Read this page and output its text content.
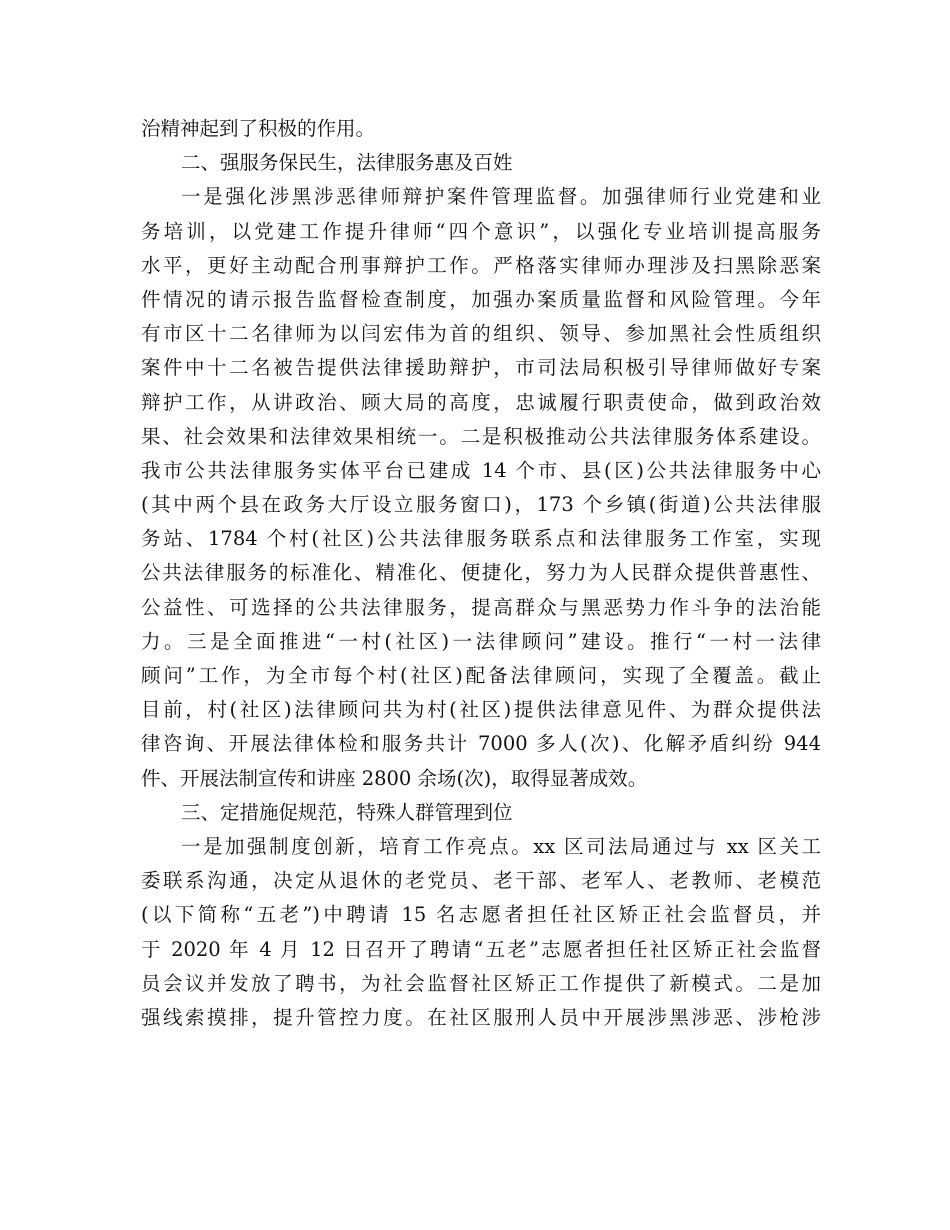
治精神起到了积极的作用。
二、强服务保民生，法律服务惠及百姓
一是强化涉黑涉恶律师辩护案件管理监督。加强律师行业党建和业
务培训，以党建工作提升律师“四个意识”，以强化专业培训提高服务
水平，更好主动配合刑事辩护工作。严格落实律师办理涉及扫黑除恶案
件情况的请示报告监督检查制度，加强办案质量监督和风险管理。今年
有市区十二名律师为以闫宏伟为首的组织、领导、参加黑社会性质组织
案件中十二名被告提供法律援助辩护，市司法局积极引导律师做好专案
辩护工作，从讲政治、顾大局的高度，忠诚履行职责使命，做到政治效
果、社会效果和法律效果相统一。二是积极推动公共法律服务体系建设。
我市公共法律服务实体平台已建成 14 个市、县(区)公共法律服务中心
(其中两个县在政务大厅设立服务窗口)，173 个乡镇(街道)公共法律服
务站、1784 个村(社区)公共法律服务联系点和法律服务工作室，实现
公共法律服务的标准化、精准化、便捷化，努力为人民群众提供普惠性、
公益性、可选择的公共法律服务，提高群众与黑恶势力作斗争的法治能
力。三是全面推进“一村(社区)一法律顾问”建设。推行“一村一法律
顾问”工作，为全市每个村(社区)配备法律顾问，实现了全覆盖。截止
目前，村(社区)法律顾问共为村(社区)提供法律意见件、为群众提供法
律咨询、开展法律体检和服务共计 7000 多人(次)、化解矛盾纠纷 944
件、开展法制宣传和讲座 2800 余场(次)，取得显著成效。
三、定措施促规范，特殊人群管理到位
一是加强制度创新，培育工作亮点。xx 区司法局通过与 xx 区关工
委联系沟通，决定从退休的老党员、老干部、老军人、老教师、老模范
(以下简称“五老”)中聘请 15 名志愿者担任社区矫正社会监督员，并
于 2020 年 4 月 12 日召开了聘请“五老”志愿者担任社区矫正社会监督
员会议并发放了聘书，为社会监督社区矫正工作提供了新模式。二是加
强线索摸排，提升管控力度。在社区服刑人员中开展涉黑涉恶、涉枪涉
